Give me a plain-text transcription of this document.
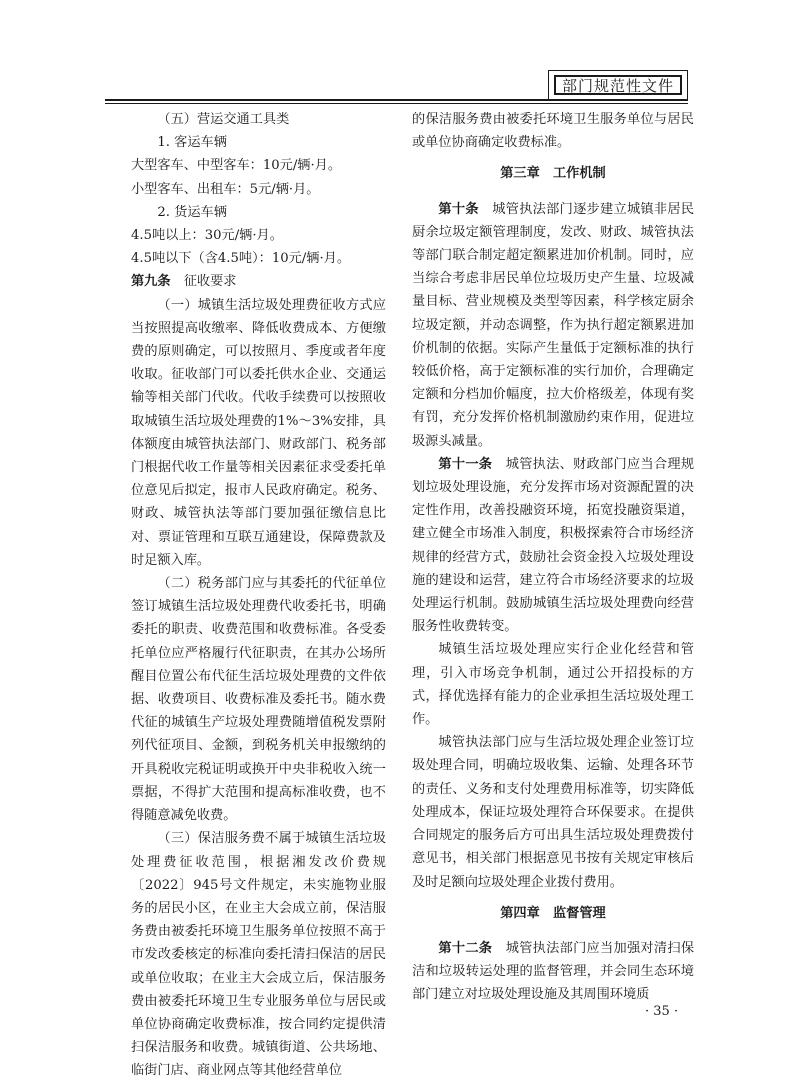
部门规范性文件

（五）营运交通工具类

1. 客运车辆

大型客车、中型客车：10元/辆·月。

小型客车、出租车：5元/辆·月。

2. 货运车辆

4.5吨以上：30元/辆·月。

4.5吨以下（含4.5吨）：10元/辆·月。

第九条　征收要求

（一）城镇生活垃圾处理费征收方式应当按照提高收缴率、降低收费成本、方便缴费的原则确定，可以按照月、季度或者年度收取。征收部门可以委托供水企业、交通运输等相关部门代收。代收手续费可以按照收取城镇生活垃圾处理费的1%～3%安排，具体额度由城管执法部门、财政部门、税务部门根据代收工作量等相关因素征求受委托单位意见后拟定，报市人民政府确定。税务、财政、城管执法等部门要加强征缴信息比对、票证管理和互联互通建设，保障费款及时足额入库。

（二）税务部门应与其委托的代征单位签订城镇生活垃圾处理费代收委托书，明确委托的职责、收费范围和收费标准。各受委托单位应严格履行代征职责，在其办公场所醒目位置公布代征生活垃圾处理费的文件依据、收费项目、收费标准及委托书。随水费代征的城镇生产垃圾处理费随增值税发票附列代征项目、金额，到税务机关申报缴纳的开具税收完税证明或换开中央非税收入统一票据，不得扩大范围和提高标准收费，也不得随意减免收费。

（三）保洁服务费不属于城镇生活垃圾处理费征收范围，根据湘发改价费规〔2022〕945号文件规定，未实施物业服务的居民小区，在业主大会成立前，保洁服务费由被委托环境卫生服务单位按照不高于市发改委核定的标准向委托清扫保洁的居民或单位收取；在业主大会成立后，保洁服务费由被委托环境卫生专业服务单位与居民或单位协商确定收费标准，按合同约定提供清扫保洁服务和收费。城镇街道、公共场地、临街门店、商业网点等其他经营单位

的保洁服务费由被委托环境卫生服务单位与居民或单位协商确定收费标准。

第三章　工作机制

第十条　城管执法部门逐步建立城镇非居民厨余垃圾定额管理制度，发改、财政、城管执法等部门联合制定超定额累进加价机制。同时，应当综合考虑非居民单位垃圾历史产生量、垃圾减量目标、营业规模及类型等因素，科学核定厨余垃圾定额，并动态调整，作为执行超定额累进加价机制的依据。实际产生量低于定额标准的执行较低价格，高于定额标准的实行加价，合理确定定额和分档加价幅度，拉大价格级差，体现有奖有罚，充分发挥价格机制激励约束作用，促进垃圾源头减量。

第十一条　城管执法、财政部门应当合理规划垃圾处理设施，充分发挥市场对资源配置的决定性作用，改善投融资环境，拓宽投融资渠道，建立健全市场准入制度，积极探索符合市场经济规律的经营方式，鼓励社会资金投入垃圾处理设施的建设和运营，建立符合市场经济要求的垃圾处理运行机制。鼓励城镇生活垃圾处理费向经营服务性收费转变。

城镇生活垃圾处理应实行企业化经营和管理，引入市场竞争机制，通过公开招投标的方式，择优选择有能力的企业承担生活垃圾处理工作。

城管执法部门应与生活垃圾处理企业签订垃圾处理合同，明确垃圾收集、运输、处理各环节的责任、义务和支付处理费用标准等，切实降低处理成本，保证垃圾处理符合环保要求。在提供合同规定的服务后方可出具生活垃圾处理费拨付意见书，相关部门根据意见书按有关规定审核后及时足额向垃圾处理企业拨付费用。

第四章　监督管理

第十二条　城管执法部门应当加强对清扫保洁和垃圾转运处理的监督管理，并会同生态环境部门建立对垃圾处理设施及其周围环境质

· 35 ·
